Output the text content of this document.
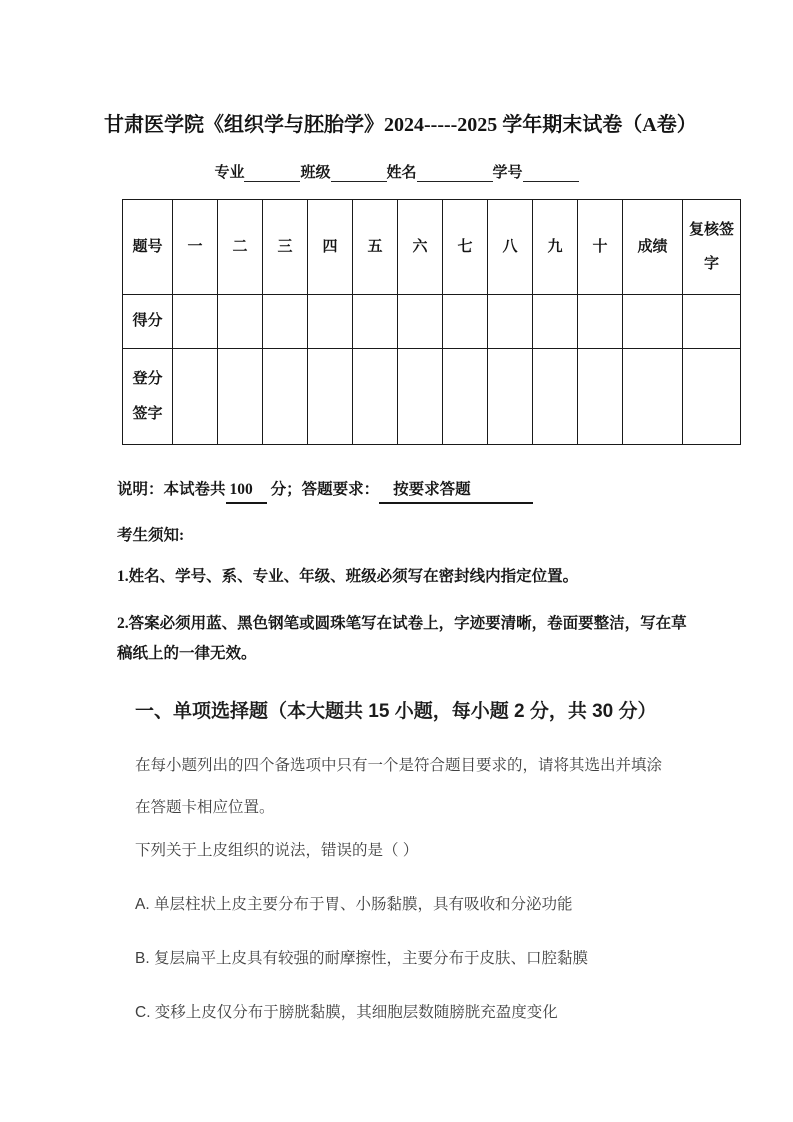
甘肃医学院《组织学与胚胎学》2024-----2025 学年期末试卷（A卷）
专业	班级	姓名	学号
题号	一	二	三	四	五	六	七	八	九	十	成绩	复核签字
得分												
登分签字												
说明：本试卷共 100 分；答题要求： 按要求答题
考生须知:
1.姓名、学号、系、专业、年级、班级必须写在密封线内指定位置。
2.答案必须用蓝、黑色钢笔或圆珠笔写在试卷上，字迹要清晰，卷面要整洁，写在草稿纸上的一律无效。
一、单项选择题（本大题共 15 小题，每小题 2 分，共 30 分）
在每小题列出的四个备选项中只有一个是符合题目要求的，请将其选出并填涂在答题卡相应位置。
下列关于上皮组织的说法，错误的是（ ）
A. 单层柱状上皮主要分布于胃、小肠黏膜，具有吸收和分泌功能
B. 复层扁平上皮具有较强的耐摩擦性，主要分布于皮肤、口腔黏膜
C. 变移上皮仅分布于膀胱黏膜，其细胞层数随膀胱充盈度变化
